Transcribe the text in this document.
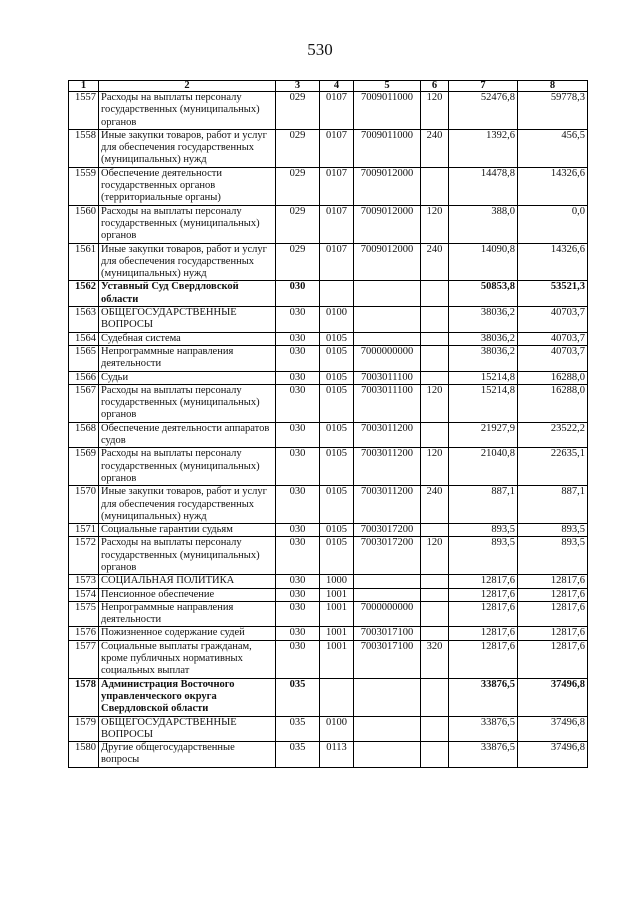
530
1	2	3	4	5	6	7	8
1557	Расходы на выплаты персоналу государственных (муниципальных) органов	029	0107	7009011000	120	52476,8	59778,3
1558	Иные закупки товаров, работ и услуг для обеспечения государственных (муниципальных) нужд	029	0107	7009011000	240	1392,6	456,5
1559	Обеспечение деятельности государственных органов (территориальные органы)	029	0107	7009012000		14478,8	14326,6
1560	Расходы на выплаты персоналу государственных (муниципальных) органов	029	0107	7009012000	120	388,0	0,0
1561	Иные закупки товаров, работ и услуг для обеспечения государственных (муниципальных) нужд	029	0107	7009012000	240	14090,8	14326,6
1562	Уставный Суд Свердловской области	030				50853,8	53521,3
1563	ОБЩЕГОСУДАРСТВЕННЫЕ ВОПРОСЫ	030	0100			38036,2	40703,7
1564	Судебная система	030	0105			38036,2	40703,7
1565	Непрограммные направления деятельности	030	0105	7000000000		38036,2	40703,7
1566	Судьи	030	0105	7003011100		15214,8	16288,0
1567	Расходы на выплаты персоналу государственных (муниципальных) органов	030	0105	7003011100	120	15214,8	16288,0
1568	Обеспечение деятельности аппаратов судов	030	0105	7003011200		21927,9	23522,2
1569	Расходы на выплаты персоналу государственных (муниципальных) органов	030	0105	7003011200	120	21040,8	22635,1
1570	Иные закупки товаров, работ и услуг для обеспечения государственных (муниципальных) нужд	030	0105	7003011200	240	887,1	887,1
1571	Социальные гарантии судьям	030	0105	7003017200		893,5	893,5
1572	Расходы на выплаты персоналу государственных (муниципальных) органов	030	0105	7003017200	120	893,5	893,5
1573	СОЦИАЛЬНАЯ ПОЛИТИКА	030	1000			12817,6	12817,6
1574	Пенсионное обеспечение	030	1001			12817,6	12817,6
1575	Непрограммные направления деятельности	030	1001	7000000000		12817,6	12817,6
1576	Пожизненное содержание судей	030	1001	7003017100		12817,6	12817,6
1577	Социальные выплаты гражданам, кроме публичных нормативных социальных выплат	030	1001	7003017100	320	12817,6	12817,6
1578	Администрация Восточного управленческого округа Свердловской области	035				33876,5	37496,8
1579	ОБЩЕГОСУДАРСТВЕННЫЕ ВОПРОСЫ	035	0100			33876,5	37496,8
1580	Другие общегосударственные вопросы	035	0113			33876,5	37496,8
